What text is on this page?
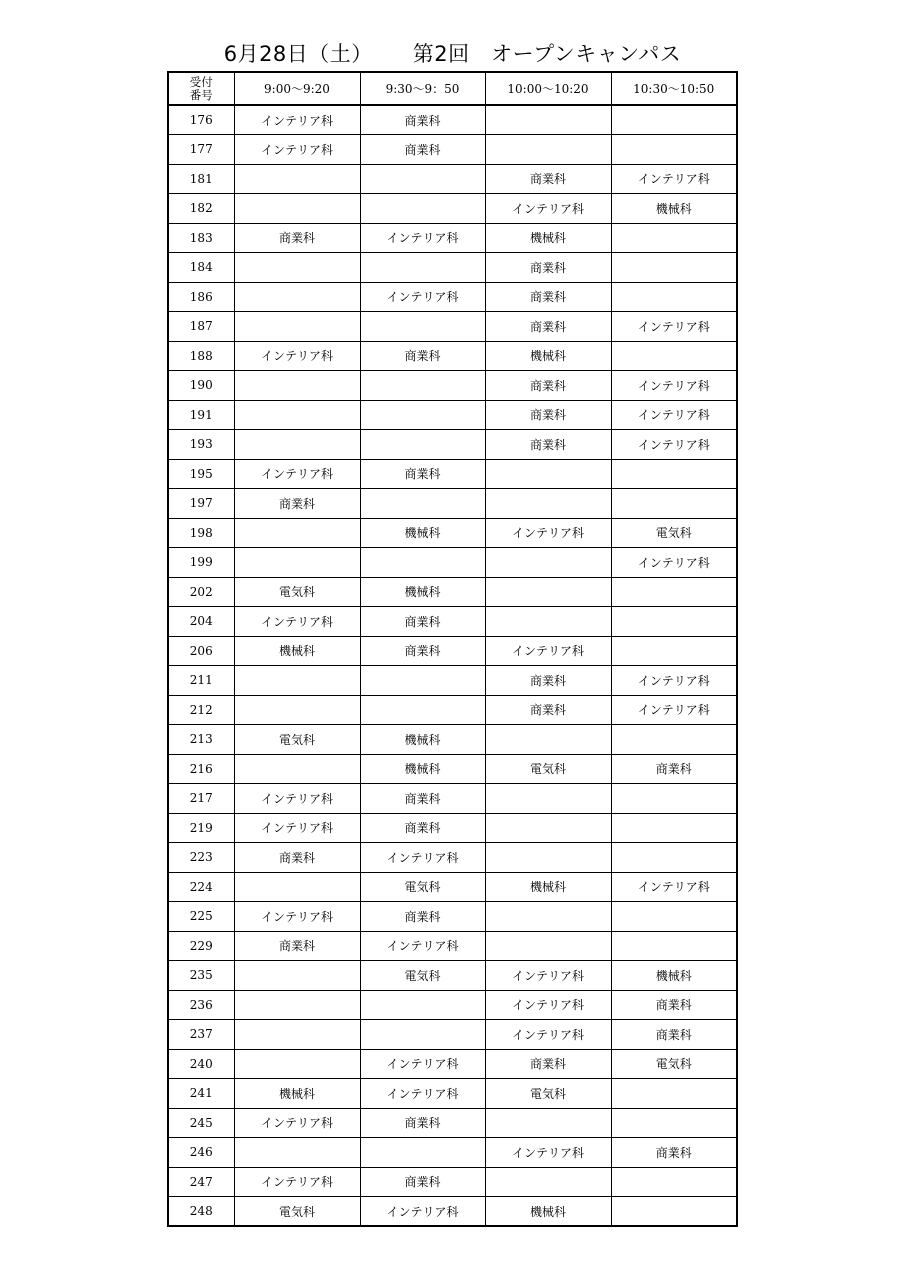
6月28日（土） 第2回　オープンキャンパス
受付
番号	9:00～9:20	9:30～9：50	10:00～10:20	10:30～10:50
176	インテリア科	商業科		
177	インテリア科	商業科		
181			商業科	インテリア科
182			インテリア科	機械科
183	商業科	インテリア科	機械科	
184			商業科	
186		インテリア科	商業科	
187			商業科	インテリア科
188	インテリア科	商業科	機械科	
190			商業科	インテリア科
191			商業科	インテリア科
193			商業科	インテリア科
195	インテリア科	商業科		
197	商業科			
198		機械科	インテリア科	電気科
199				インテリア科
202	電気科	機械科		
204	インテリア科	商業科		
206	機械科	商業科	インテリア科	
211			商業科	インテリア科
212			商業科	インテリア科
213	電気科	機械科		
216		機械科	電気科	商業科
217	インテリア科	商業科		
219	インテリア科	商業科		
223	商業科	インテリア科		
224		電気科	機械科	インテリア科
225	インテリア科	商業科		
229	商業科	インテリア科		
235		電気科	インテリア科	機械科
236			インテリア科	商業科
237			インテリア科	商業科
240		インテリア科	商業科	電気科
241	機械科	インテリア科	電気科	
245	インテリア科	商業科		
246			インテリア科	商業科
247	インテリア科	商業科		
248	電気科	インテリア科	機械科	
